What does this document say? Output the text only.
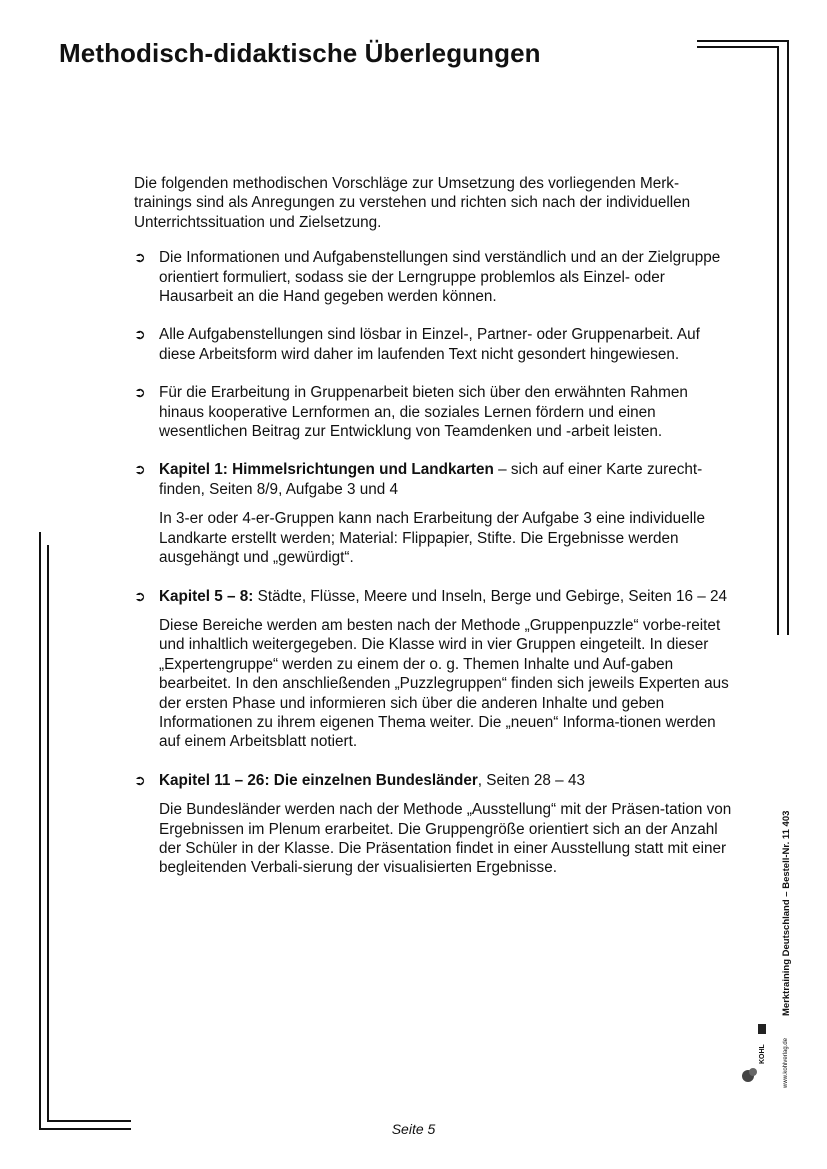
Methodisch-didaktische Überlegungen

Die folgenden methodischen Vorschläge zur Umsetzung des vorliegenden Merk-trainings sind als Anregungen zu verstehen und richten sich nach der individuellen Unterrichtssituation und Zielsetzung.

➲ Die Informationen und Aufgabenstellungen sind verständlich und an der Zielgruppe orientiert formuliert, sodass sie der Lerngruppe problemlos als Einzel- oder Hausarbeit an die Hand gegeben werden können.

➲ Alle Aufgabenstellungen sind lösbar in Einzel-, Partner- oder Gruppenarbeit. Auf diese Arbeitsform wird daher im laufenden Text nicht gesondert hingewiesen.

➲ Für die Erarbeitung in Gruppenarbeit bieten sich über den erwähnten Rahmen hinaus kooperative Lernformen an, die soziales Lernen fördern und einen wesentlichen Beitrag zur Entwicklung von Teamdenken und -arbeit leisten.

➲ Kapitel 1: Himmelsrichtungen und Landkarten – sich auf einer Karte zurecht-finden, Seiten 8/9, Aufgabe 3 und 4

In 3-er oder 4-er-Gruppen kann nach Erarbeitung der Aufgabe 3 eine individuelle Landkarte erstellt werden; Material: Flippapier, Stifte. Die Ergebnisse werden ausgehängt und „gewürdigt“.

➲ Kapitel 5 – 8: Städte, Flüsse, Meere und Inseln, Berge und Gebirge, Seiten 16 – 24

Diese Bereiche werden am besten nach der Methode „Gruppenpuzzle“ vorbe-reitet und inhaltlich weitergegeben. Die Klasse wird in vier Gruppen eingeteilt. In dieser „Expertengruppe“ werden zu einem der o. g. Themen Inhalte und Auf-gaben bearbeitet. In den anschließenden „Puzzlegruppen“ finden sich jeweils Experten aus der ersten Phase und informieren sich über die anderen Inhalte und geben Informationen zu ihrem eigenen Thema weiter. Die „neuen“ Informa-tionen werden auf einem Arbeitsblatt notiert.

➲ Kapitel 11 – 26: Die einzelnen Bundesländer, Seiten 28 – 43

Die Bundesländer werden nach der Methode „Ausstellung“ mit der Präsen-tation von Ergebnissen im Plenum erarbeitet. Die Gruppengröße orientiert sich an der Anzahl der Schüler in der Klasse. Die Präsentation findet in einer Ausstellung statt mit einer begleitenden Verbali-sierung der visualisierten Ergebnisse.	Merktraining Deutschland – Bestell-Nr. 11 403
KOHL	www.kohlverlag.de
Seite 5
